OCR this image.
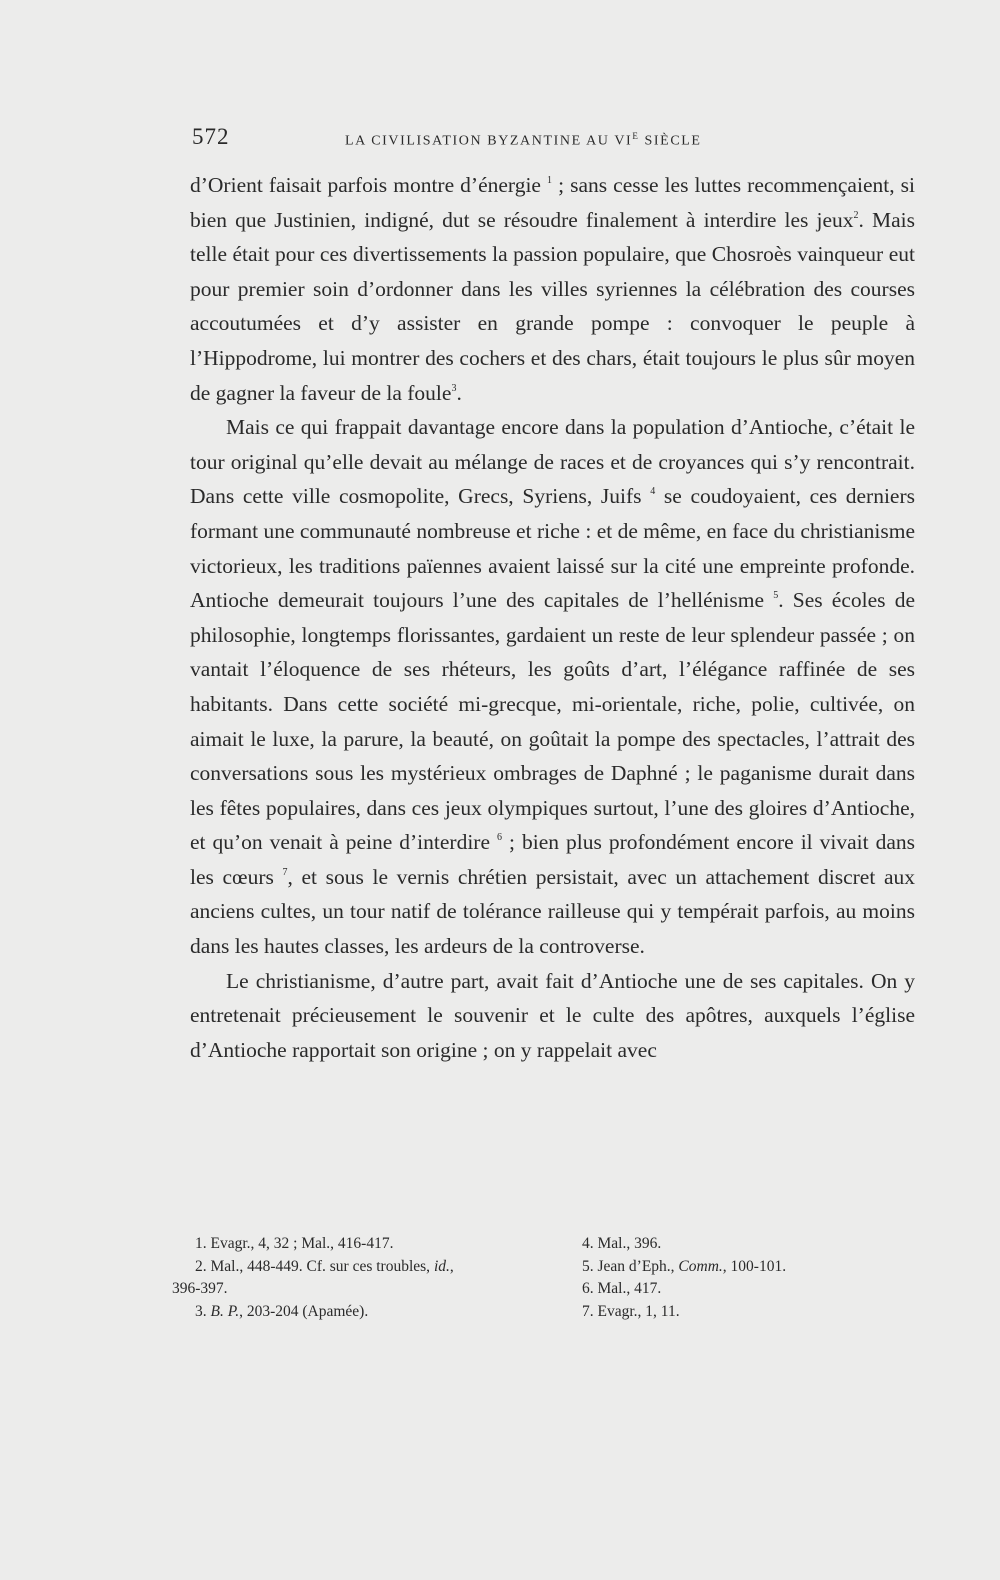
572	LA CIVILISATION BYZANTINE AU $VI^E$ SIÈCLE

d’Orient faisait parfois montre d’énergie $^1$ ; sans cesse les luttes recommençaient, si bien que Justinien, indigné, dut se résoudre finalement à interdire les jeux$^2$. Mais telle était pour ces divertissements la passion populaire, que Chosroès vainqueur eut pour premier soin d’ordonner dans les villes syriennes la célébration des courses accoutumées et d’y assister en grande pompe : convoquer le peuple à l’Hippodrome, lui montrer des cochers et des chars, était toujours le plus sûr moyen de gagner la faveur de la foule$^3$.

Mais ce qui frappait davantage encore dans la population d’Antioche, c’était le tour original qu’elle devait au mélange de races et de croyances qui s’y rencontrait. Dans cette ville cosmopolite, Grecs, Syriens, Juifs $^4$ se coudoyaient, ces derniers formant une communauté nombreuse et riche : et de même, en face du christianisme victorieux, les traditions païennes avaient laissé sur la cité une empreinte profonde. Antioche demeurait toujours l’une des capitales de l’hellénisme $^5$. Ses écoles de philosophie, longtemps florissantes, gardaient un reste de leur splendeur passée ; on vantait l’éloquence de ses rhéteurs, les goûts d’art, l’élégance raffinée de ses habitants. Dans cette société mi-grecque, mi-orientale, riche, polie, cultivée, on aimait le luxe, la parure, la beauté, on goûtait la pompe des spectacles, l’attrait des conversations sous les mystérieux ombrages de Daphné ; le paganisme durait dans les fêtes populaires, dans ces jeux olympiques surtout, l’une des gloires d’Antioche, et qu’on venait à peine d’interdire $^6$ ; bien plus profondément encore il vivait dans les cœurs $^7$, et sous le vernis chrétien persistait, avec un attachement discret aux anciens cultes, un tour natif de tolérance railleuse qui y tempérait parfois, au moins dans les hautes classes, les ardeurs de la controverse.

Le christianisme, d’autre part, avait fait d’Antioche une de ses capitales. On y entretenait précieusement le souvenir et le culte des apôtres, auxquels l’église d’Antioche rapportait son origine ; on y rappelait avec

1. Evagr., 4, 32 ; Mal., 416-417.
2. Mal., 448-449. Cf. sur ces troubles, id.,
396-397.
3. B. P., 203-204 (Apamée).
4. Mal., 396.
5. Jean d’Eph., Comm., 100-101.
6. Mal., 417.
7. Evagr., 1, 11.
